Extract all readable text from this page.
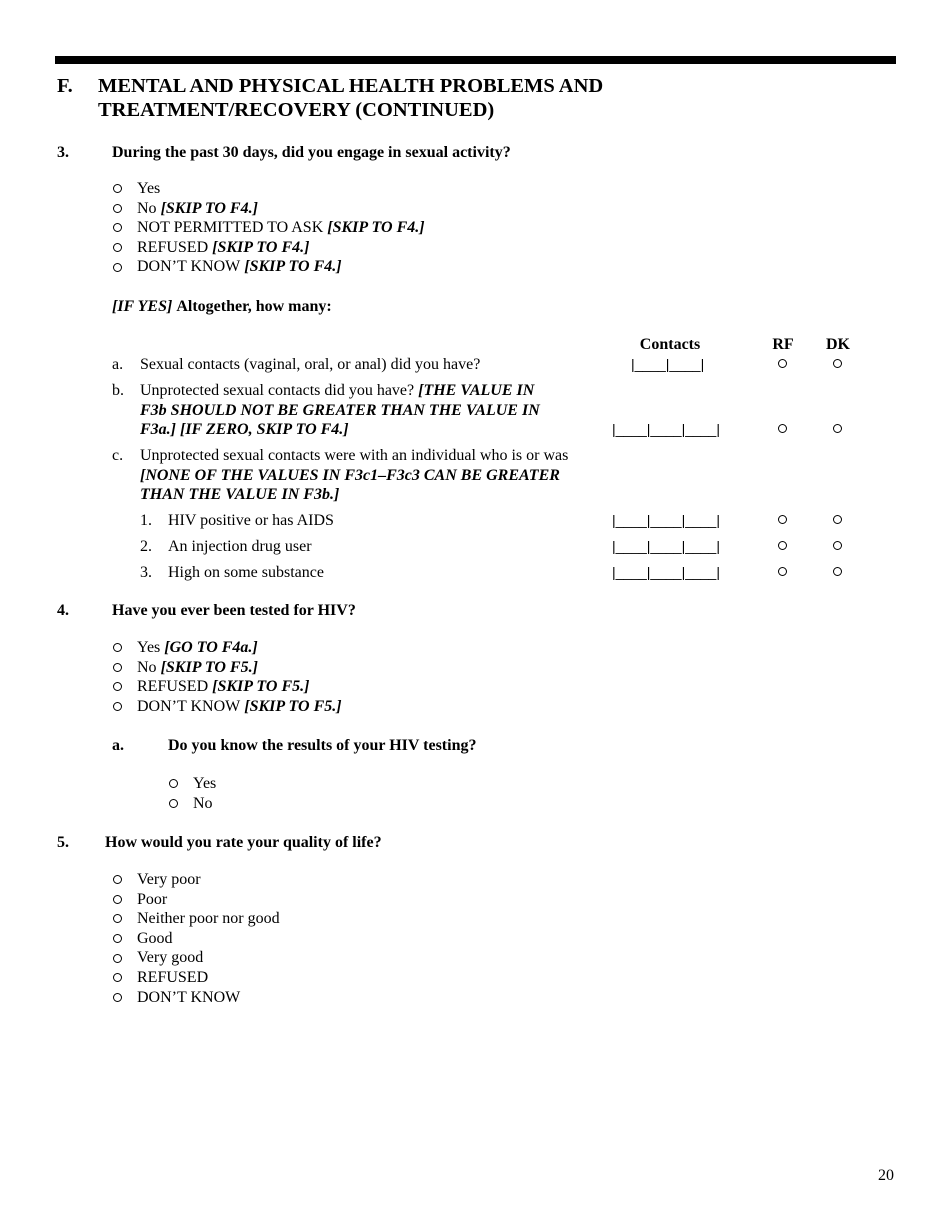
F. MENTAL AND PHYSICAL HEALTH PROBLEMS AND TREATMENT/RECOVERY (CONTINUED)
3.	During the past 30 days, did you engage in sexual activity?
Yes
No
[SKIP TO F4.]
NOT PERMITTED TO ASK
[SKIP TO F4.]
REFUSED
[SKIP TO F4.]
DON’T KNOW
[SKIP TO F4.]
[IF YES] Altogether, how many:
Contacts	RF	DK
a. Sexual contacts (vaginal, oral, or anal) did you have?	|____|____|
b. Unprotected sexual contacts did you have? [THE VALUE IN F3b SHOULD NOT BE GREATER THAN THE VALUE IN F3a.] [IF ZERO, SKIP TO F4.]	|____|____|____|
c. Unprotected sexual contacts were with an individual who is or was [NONE OF THE VALUES IN F3c1–F3c3 CAN BE GREATER THAN THE VALUE IN F3b.]
1. HIV positive or has AIDS	|____|____|____|
2. An injection drug user	|____|____|____|
3. High on some substance	|____|____|____|
4.	Have you ever been tested for HIV?
Yes
[GO TO F4a.]
No
[SKIP TO F5.]
REFUSED
[SKIP TO F5.]
DON’T KNOW
[SKIP TO F5.]
a.	Do you know the results of your HIV testing?
Yes
No
5. How would you rate your quality of life?
Very poor
Poor
Neither poor nor good
Good
Very good
REFUSED
DON’T KNOW
20
